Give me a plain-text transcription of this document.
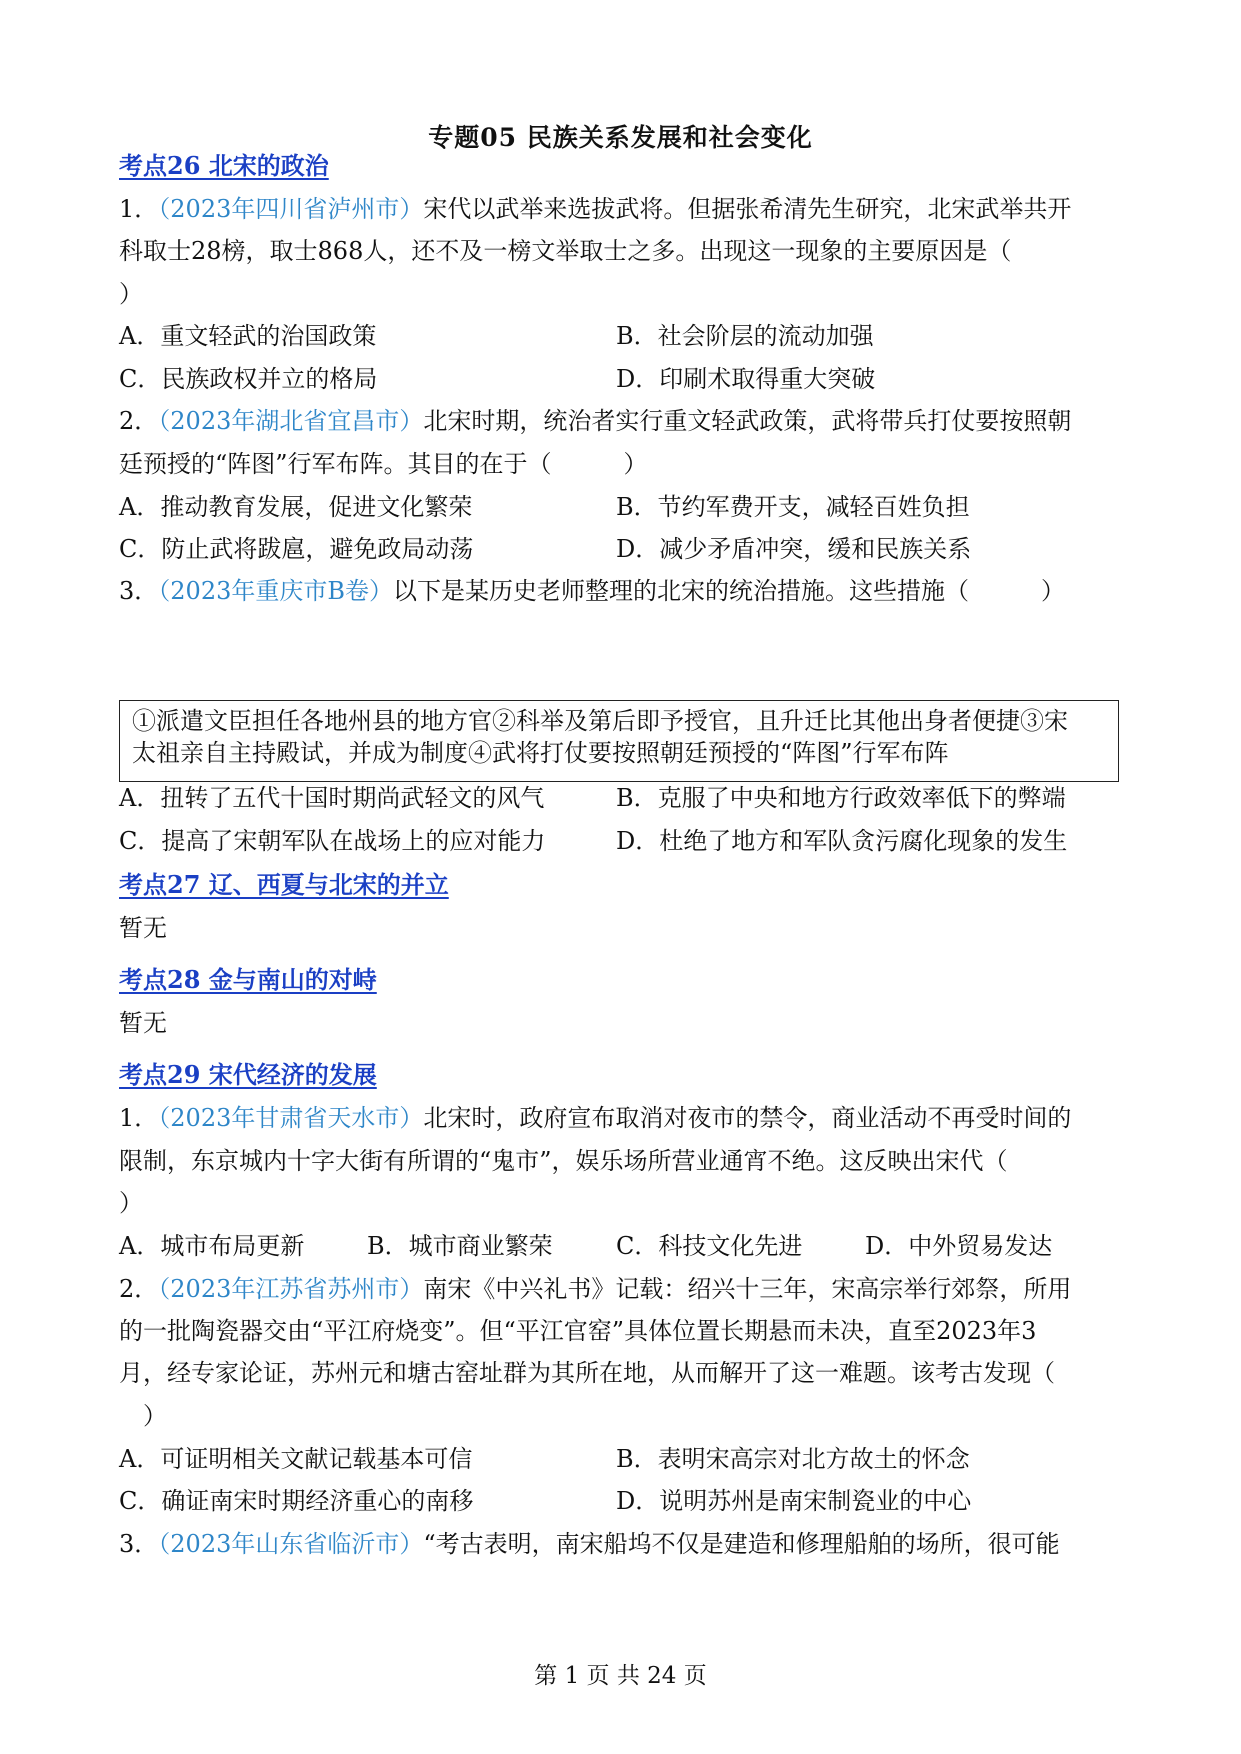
专题05 民族关系发展和社会变化
考点26 北宋的政治
1．（2023年四川省泸州市）宋代以武举来选拔武将。但据张希清先生研究，北宋武举共开
科取士28榜，取士868人，还不及一榜文举取士之多。出现这一现象的主要原因是（
）
A．重文轻武的治国政策	B．社会阶层的流动加强
C．民族政权并立的格局	D．印刷术取得重大突破
2．（2023年湖北省宜昌市）北宋时期，统治者实行重文轻武政策，武将带兵打仗要按照朝
廷预授的“阵图”行军布阵。其目的在于（　　　）
A．推动教育发展，促进文化繁荣	B．节约军费开支，减轻百姓负担
C．防止武将跋扈，避免政局动荡	D．减少矛盾冲突，缓和民族关系
3．（2023年重庆市B卷）以下是某历史老师整理的北宋的统治措施。这些措施（　　　）
①派遣文臣担任各地州县的地方官②科举及第后即予授官，且升迁比其他出身者便捷③宋
太祖亲自主持殿试，并成为制度④武将打仗要按照朝廷预授的“阵图”行军布阵
A．扭转了五代十国时期尚武轻文的风气	B．克服了中央和地方行政效率低下的弊端
C．提高了宋朝军队在战场上的应对能力	D．杜绝了地方和军队贪污腐化现象的发生
考点27 辽、西夏与北宋的并立
暂无
考点28 金与南山的对峙
暂无
考点29 宋代经济的发展
1．（2023年甘肃省天水市）北宋时，政府宣布取消对夜市的禁令，商业活动不再受时间的
限制，东京城内十字大街有所谓的“鬼市”，娱乐场所营业通宵不绝。这反映出宋代（
）
A．城市布局更新	B．城市商业繁荣	C．科技文化先进	D．中外贸易发达
2．（2023年江苏省苏州市）南宋《中兴礼书》记载：绍兴十三年，宋高宗举行郊祭，所用
的一批陶瓷器交由“平江府烧变”。但“平江官窑”具体位置长期悬而未决，直至2023年3
月，经专家论证，苏州元和塘古窑址群为其所在地，从而解开了这一难题。该考古发现（
）
A．可证明相关文献记载基本可信	B．表明宋高宗对北方故土的怀念
C．确证南宋时期经济重心的南移	D．说明苏州是南宋制瓷业的中心
3．（2023年山东省临沂市）“考古表明，南宋船坞不仅是建造和修理船舶的场所，很可能
第 1 页 共 24 页
